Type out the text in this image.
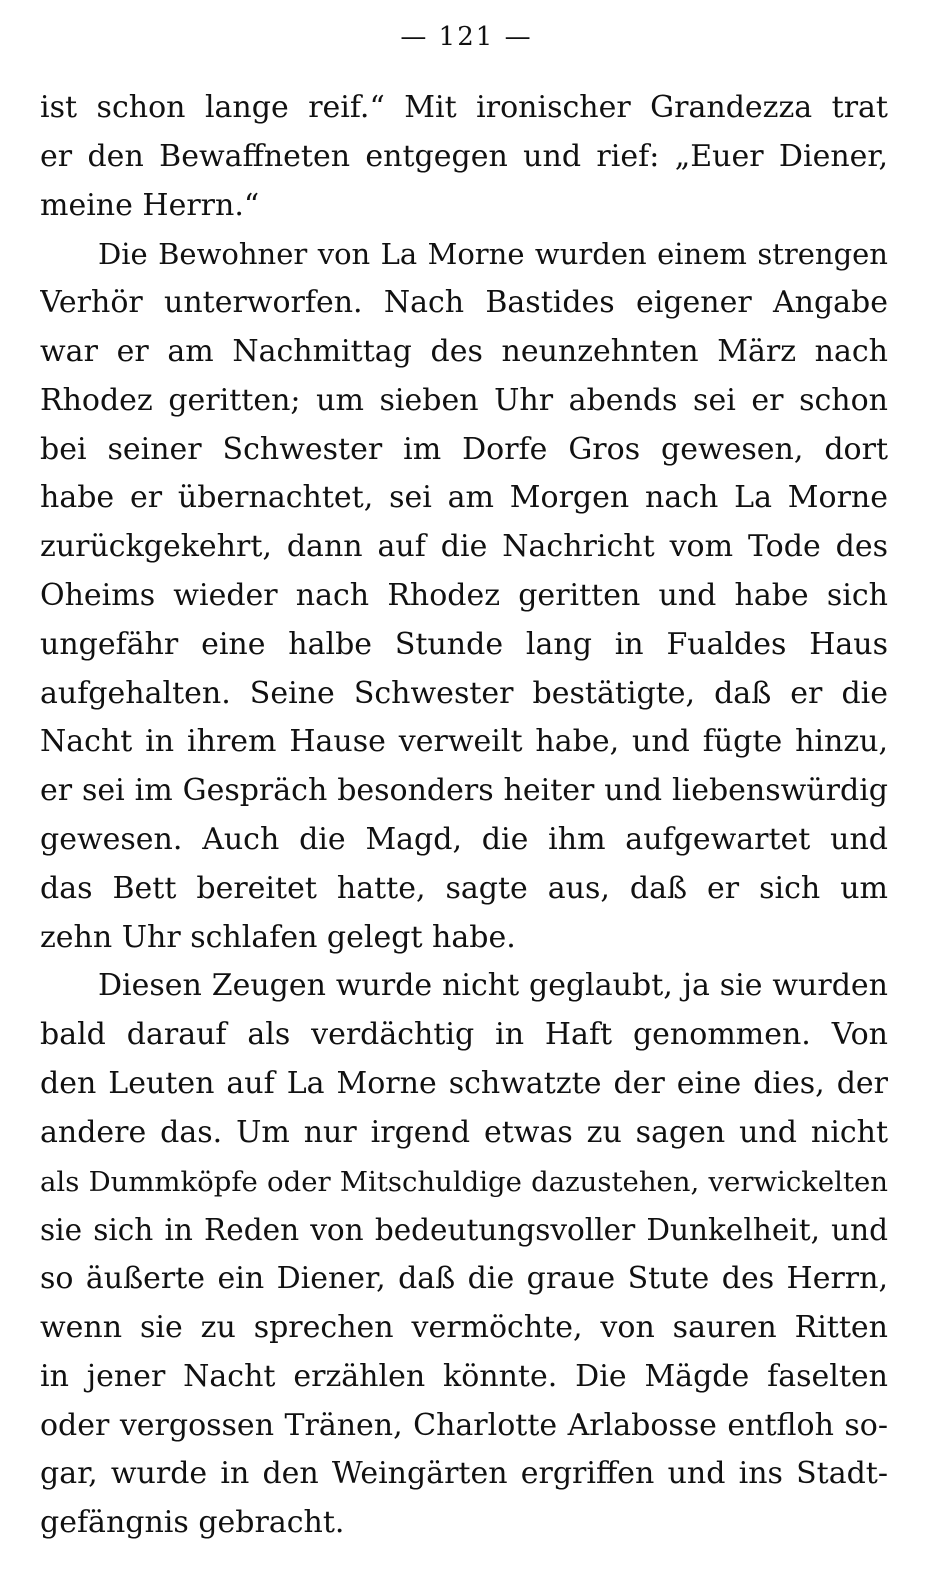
— 121 —
ist schon lange reif.“ Mit ironischer Grandezza trat
er den Bewaffneten entgegen und rief: „Euer Diener,
meine Herrn.“
Die Bewohner von La Morne wurden einem strengen
Verhör unterworfen. Nach Bastides eigener Angabe
war er am Nachmittag des neunzehnten März nach
Rhodez geritten; um sieben Uhr abends sei er schon
bei seiner Schwester im Dorfe Gros gewesen, dort
habe er übernachtet, sei am Morgen nach La Morne
zurückgekehrt, dann auf die Nachricht vom Tode des
Oheims wieder nach Rhodez geritten und habe sich
ungefähr eine halbe Stunde lang in Fualdes Haus
aufgehalten. Seine Schwester bestätigte, daß er die
Nacht in ihrem Hause verweilt habe, und fügte hinzu,
er sei im Gespräch besonders heiter und liebenswürdig
gewesen. Auch die Magd, die ihm aufgewartet und
das Bett bereitet hatte, sagte aus, daß er sich um
zehn Uhr schlafen gelegt habe.
Diesen Zeugen wurde nicht geglaubt, ja sie wurden
bald darauf als verdächtig in Haft genommen. Von
den Leuten auf La Morne schwatzte der eine dies, der
andere das. Um nur irgend etwas zu sagen und nicht
als Dummköpfe oder Mitschuldige dazustehen, verwickelten
sie sich in Reden von bedeutungsvoller Dunkelheit, und
so äußerte ein Diener, daß die graue Stute des Herrn,
wenn sie zu sprechen vermöchte, von sauren Ritten
in jener Nacht erzählen könnte. Die Mägde faselten
oder vergossen Tränen, Charlotte Arlabosse entfloh so-
gar, wurde in den Weingärten ergriffen und ins Stadt-
gefängnis gebracht.
